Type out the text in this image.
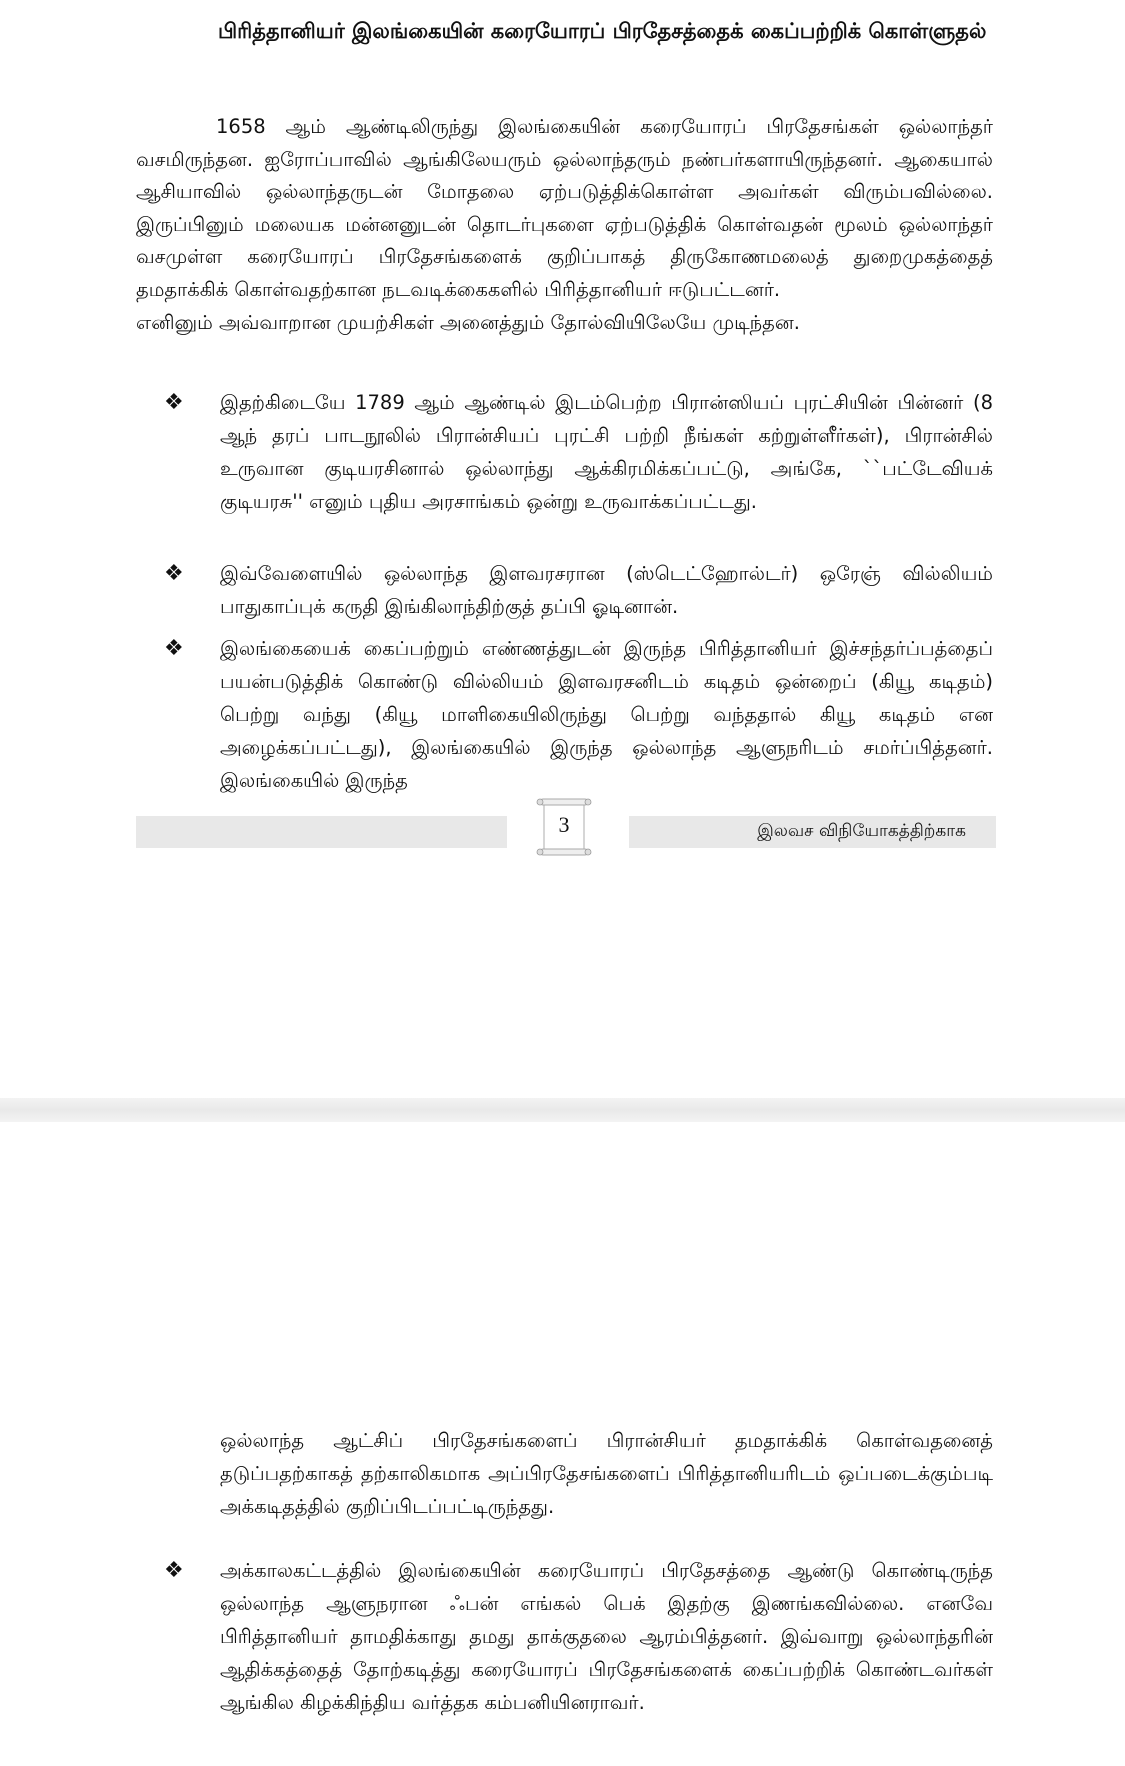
பிரித்தானியர் இலங்கையின் கரையோரப் பிரதேசத்தைக் கைப்பற்றிக் கொள்ளுதல்

1658 ஆம் ஆண்டிலிருந்து இலங்கையின் கரையோரப் பிரதேசங்கள் ஒல்லாந்தர் வசமிருந்தன. ஐரோப்பாவில் ஆங்கிலேயரும் ஒல்லாந்தரும் நண்பர்களாயிருந்தனர். ஆகையால் ஆசியாவில் ஒல்லாந்தருடன் மோதலை ஏற்படுத்திக்கொள்ள அவர்கள் விரும்பவில்லை. இருப்பினும் மலையக மன்னனுடன் தொடர்புகளை ஏற்படுத்திக் கொள்வதன் மூலம் ஒல்லாந்தர் வசமுள்ள கரையோரப் பிரதேசங்களைக் குறிப்பாகத் திருகோணமலைத் துறைமுகத்தைத் தமதாக்கிக் கொள்வதற்கான நடவடிக்கைகளில் பிரித்தானியர் ஈடுபட்டனர்.
எனினும் அவ்வாறான முயற்சிகள் அனைத்தும் தோல்வியிலேயே முடிந்தன.

❖ இதற்கிடையே 1789 ஆம் ஆண்டில் இடம்பெற்ற பிரான்ஸியப் புரட்சியின் பின்னர் (8 ஆந் தரப் பாடநூலில் பிரான்சியப் புரட்சி பற்றி நீங்கள் கற்றுள்ளீர்கள்), பிரான்சில் உருவான குடியரசினால் ஒல்லாந்து ஆக்கிரமிக்கப்பட்டு, அங்கே, ``பட்டேவியக் குடியரசு'' எனும் புதிய அரசாங்கம் ஒன்று உருவாக்கப்பட்டது.
❖ இவ்வேளையில் ஒல்லாந்த இளவரசரான (ஸ்டெட்ஹோல்டர்) ஒரேஞ் வில்லியம் பாதுகாப்புக் கருதி இங்கிலாந்திற்குத் தப்பி ஓடினான்.
❖ இலங்கையைக் கைப்பற்றும் எண்ணத்துடன் இருந்த பிரித்தானியர் இச்சந்தர்ப்பத்தைப் பயன்படுத்திக் கொண்டு வில்லியம் இளவரசனிடம் கடிதம் ஒன்றைப் (கியூ கடிதம்) பெற்று வந்து (கியூ மாளிகையிலிருந்து பெற்று வந்ததால் கியூ கடிதம் என அழைக்கப்பட்டது), இலங்கையில் இருந்த ஒல்லாந்த ஆளுநரிடம் சமர்ப்பித்தனர். இலங்கையில் இருந்த
இலவச விநியோகத்திற்காக
3

ஒல்லாந்த ஆட்சிப் பிரதேசங்களைப் பிரான்சியர் தமதாக்கிக் கொள்வதனைத் தடுப்பதற்காகத் தற்காலிகமாக அப்பிரதேசங்களைப் பிரித்தானியரிடம் ஒப்படைக்கும்படி அக்கடிதத்தில் குறிப்பிடப்பட்டிருந்தது.

❖ அக்காலகட்டத்தில் இலங்கையின் கரையோரப் பிரதேசத்தை ஆண்டு கொண்டிருந்த ஒல்லாந்த ஆளுநரான ஃபன் எங்கல் பெக் இதற்கு இணங்கவில்லை. எனவே பிரித்தானியர் தாமதிக்காது தமது தாக்குதலை ஆரம்பித்தனர். இவ்வாறு ஒல்லாந்தரின் ஆதிக்கத்தைத் தோற்கடித்து கரையோரப் பிரதேசங்களைக் கைப்பற்றிக் கொண்டவர்கள் ஆங்கில கிழக்கிந்திய வர்த்தக கம்பனியினராவர்.
